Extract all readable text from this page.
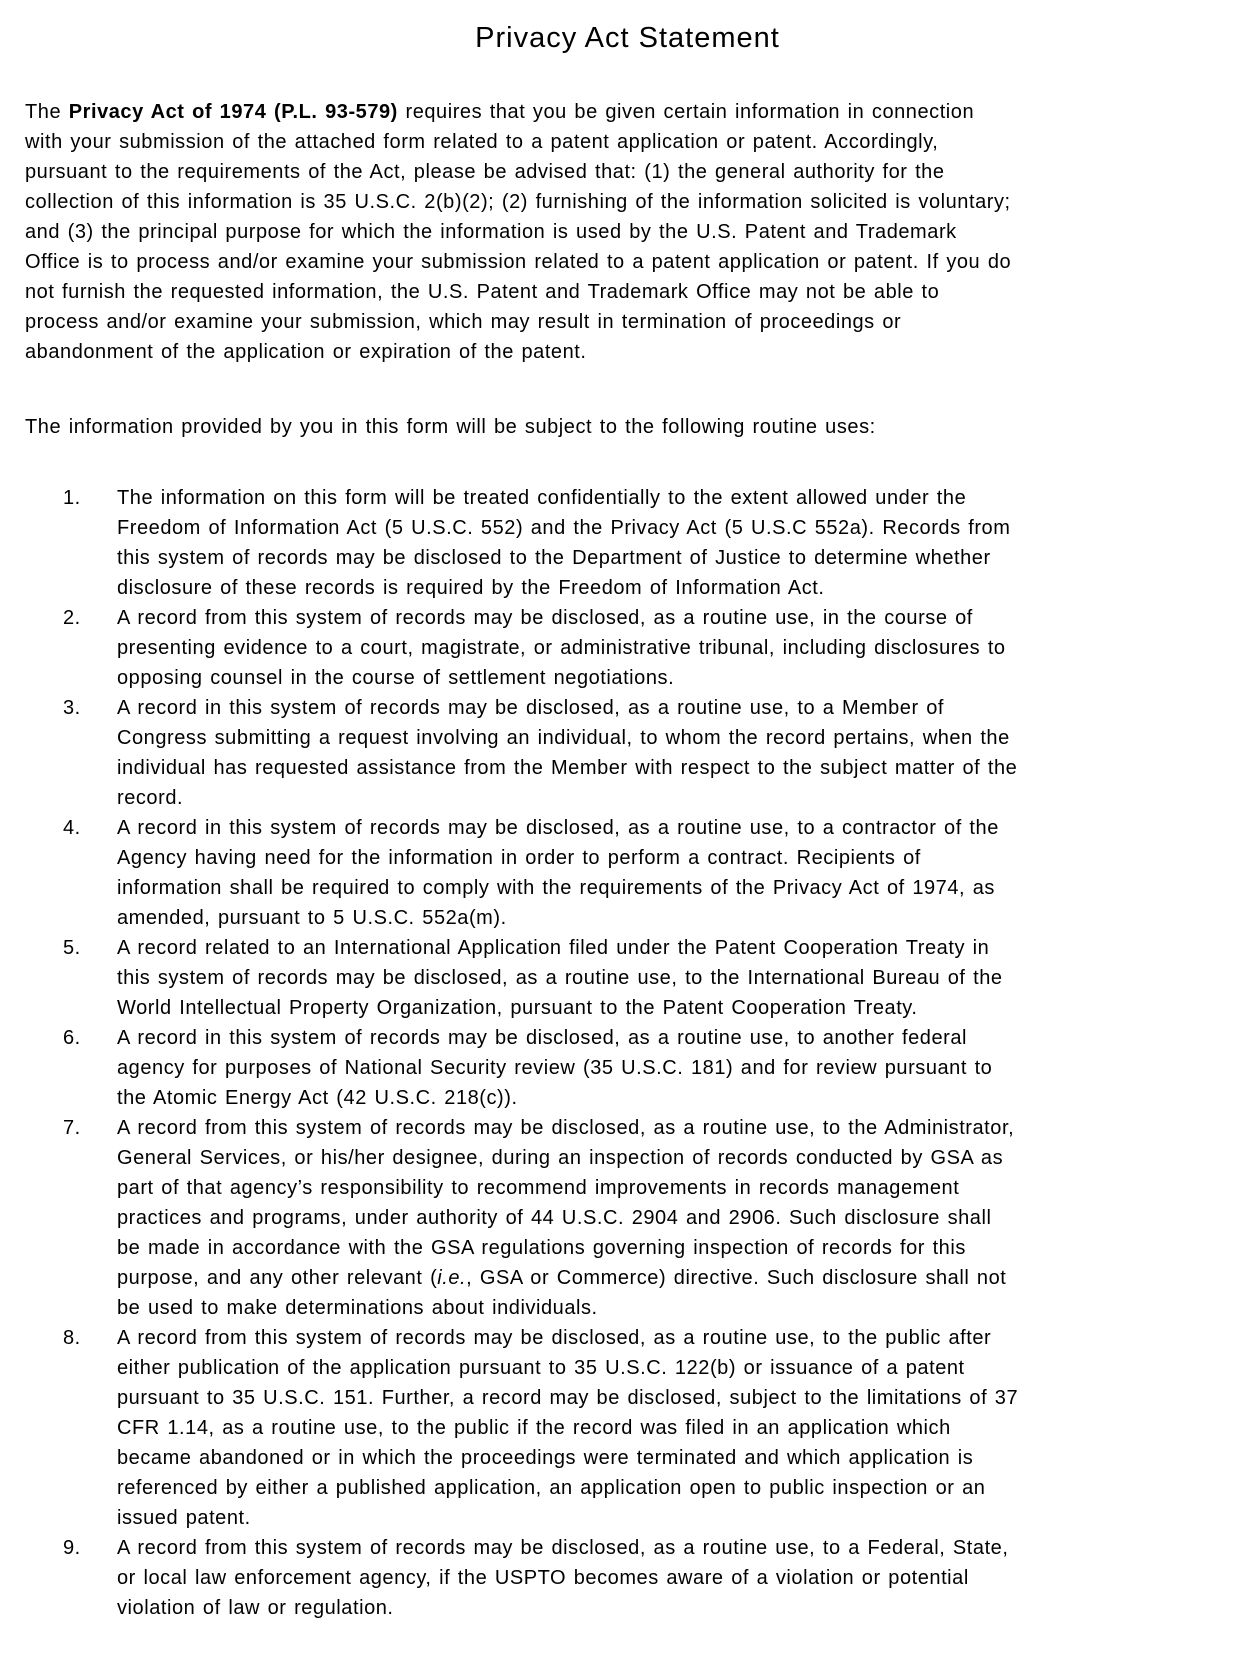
Privacy Act Statement
The Privacy Act of 1974 (P.L. 93-579) requires that you be given certain information in connection
with your submission of the attached form related to a patent application or patent. Accordingly,
pursuant to the requirements of the Act, please be advised that: (1) the general authority for the
collection of this information is 35 U.S.C. 2(b)(2); (2) furnishing of the information solicited is voluntary;
and (3) the principal purpose for which the information is used by the U.S. Patent and Trademark
Office is to process and/or examine your submission related to a patent application or patent. If you do
not furnish the requested information, the U.S. Patent and Trademark Office may not be able to
process and/or examine your submission, which may result in termination of proceedings or
abandonment of the application or expiration of the patent.
The information provided by you in this form will be subject to the following routine uses:
1.	The information on this form will be treated confidentially to the extent allowed under the
Freedom of Information Act (5 U.S.C. 552) and the Privacy Act (5 U.S.C 552a). Records from
this system of records may be disclosed to the Department of Justice to determine whether
disclosure of these records is required by the Freedom of Information Act.
2.	A record from this system of records may be disclosed, as a routine use, in the course of
presenting evidence to a court, magistrate, or administrative tribunal, including disclosures to
opposing counsel in the course of settlement negotiations.
3.	A record in this system of records may be disclosed, as a routine use, to a Member of
Congress submitting a request involving an individual, to whom the record pertains, when the
individual has requested assistance from the Member with respect to the subject matter of the
record.
4.	A record in this system of records may be disclosed, as a routine use, to a contractor of the
Agency having need for the information in order to perform a contract. Recipients of
information shall be required to comply with the requirements of the Privacy Act of 1974, as
amended, pursuant to 5 U.S.C. 552a(m).
5.	A record related to an International Application filed under the Patent Cooperation Treaty in
this system of records may be disclosed, as a routine use, to the International Bureau of the
World Intellectual Property Organization, pursuant to the Patent Cooperation Treaty.
6.	A record in this system of records may be disclosed, as a routine use, to another federal
agency for purposes of National Security review (35 U.S.C. 181) and for review pursuant to
the Atomic Energy Act (42 U.S.C. 218(c)).
7.	A record from this system of records may be disclosed, as a routine use, to the Administrator,
General Services, or his/her designee, during an inspection of records conducted by GSA as
part of that agency’s responsibility to recommend improvements in records management
practices and programs, under authority of 44 U.S.C. 2904 and 2906. Such disclosure shall
be made in accordance with the GSA regulations governing inspection of records for this
purpose, and any other relevant (i.e., GSA or Commerce) directive. Such disclosure shall not
be used to make determinations about individuals.
8.	A record from this system of records may be disclosed, as a routine use, to the public after
either publication of the application pursuant to 35 U.S.C. 122(b) or issuance of a patent
pursuant to 35 U.S.C. 151. Further, a record may be disclosed, subject to the limitations of 37
CFR 1.14, as a routine use, to the public if the record was filed in an application which
became abandoned or in which the proceedings were terminated and which application is
referenced by either a published application, an application open to public inspection or an
issued patent.
9.	A record from this system of records may be disclosed, as a routine use, to a Federal, State,
or local law enforcement agency, if the USPTO becomes aware of a violation or potential
violation of law or regulation.
